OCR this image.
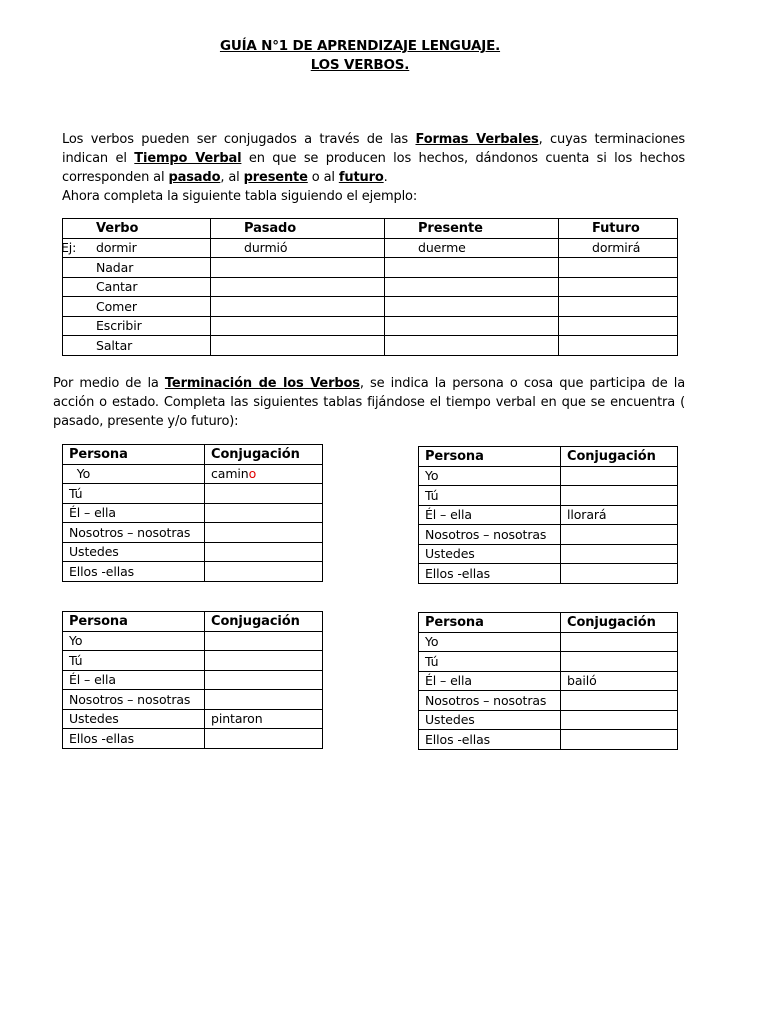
GUÍA N°1 DE APRENDIZAJE LENGUAJE.
LOS VERBOS.
Los verbos pueden ser conjugados a través de las Formas Verbales, cuyas terminaciones indican el Tiempo Verbal en que se producen los hechos, dándonos cuenta si los hechos corresponden al pasado, al presente o al futuro.
Ahora completa la siguiente tabla siguiendo el ejemplo:
Verbo	Pasado	Presente	Futuro

Ej: dormir	durmió	duerme	dormirá
Nadar			
Cantar			
Comer			
Escribir			
Saltar			
Por medio de la Terminación de los Verbos, se indica la persona o cosa que participa de la acción o estado. Completa las siguientes tablas fijándose el tiempo verbal en que se encuentra ( pasado, presente y/o futuro):
Persona	Conjugación
Yo	camino
Tú	
Él – ella	
Nosotros – nosotras	
Ustedes	
Ellos -ellas	
Persona	Conjugación
Yo	
Tú	
Él – ella	llorará
Nosotros – nosotras	
Ustedes	
Ellos -ellas	
Persona	Conjugación
Yo	
Tú	
Él – ella	
Nosotros – nosotras	
Ustedes	pintaron
Ellos -ellas	
Persona	Conjugación
Yo	
Tú	
Él – ella	bailó
Nosotros – nosotras	
Ustedes	
Ellos -ellas	
